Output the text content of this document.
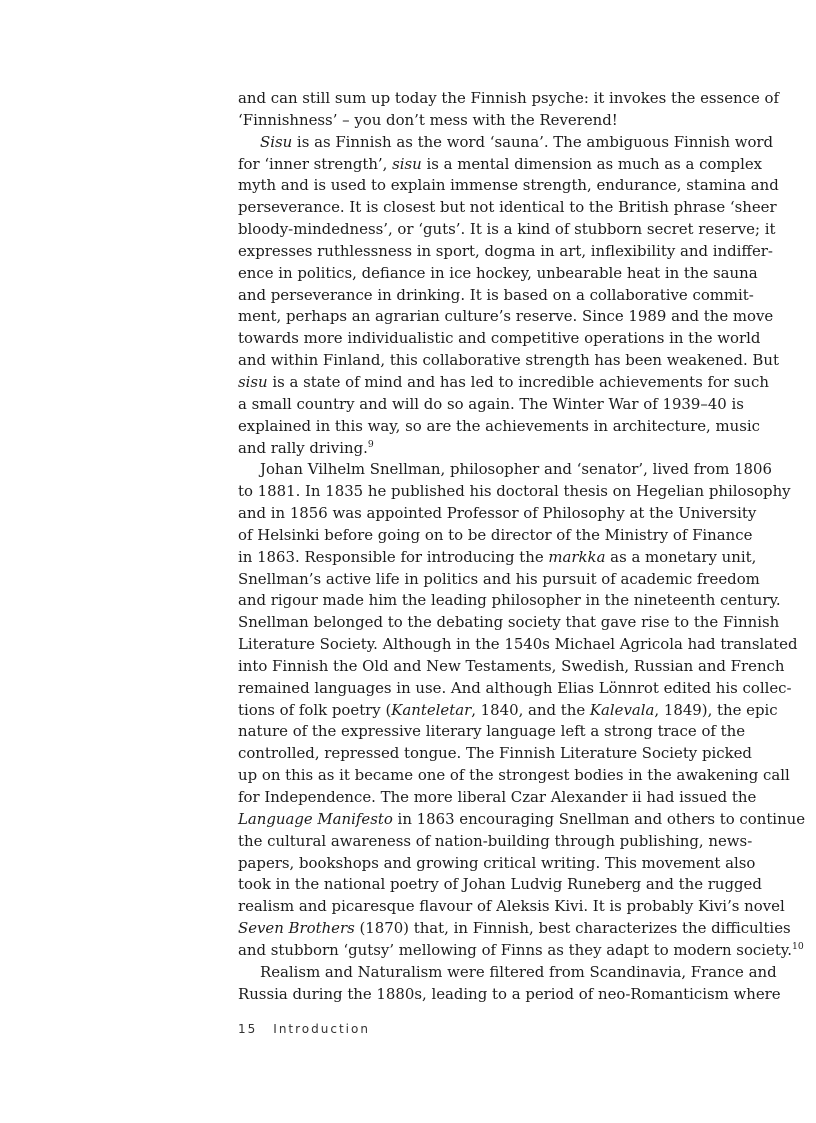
and can still sum up today the Finnish psyche: it invokes the essence of
‘Finnishness’ – you don’t mess with the Reverend!
Sisu is as Finnish as the word ‘sauna’. The ambiguous Finnish word
for ‘inner strength’, sisu is a mental dimension as much as a complex
myth and is used to explain immense strength, endurance, stamina and
perseverance. It is closest but not identical to the British phrase ‘sheer
bloody-mindedness’, or ‘guts’. It is a kind of stubborn secret reserve; it
expresses ruthlessness in sport, dogma in art, inflexibility and indiffer-
ence in politics, defiance in ice hockey, unbearable heat in the sauna
and perseverance in drinking. It is based on a collaborative commit-
ment, perhaps an agrarian culture’s reserve. Since 1989 and the move
towards more individualistic and competitive operations in the world
and within Finland, this collaborative strength has been weakened. But
sisu is a state of mind and has led to incredible achievements for such
a small country and will do so again. The Winter War of 1939–40 is
explained in this way, so are the achievements in architecture, music
and rally driving.$^9$
Johan Vilhelm Snellman, philosopher and ‘senator’, lived from 1806
to 1881. In 1835 he published his doctoral thesis on Hegelian philosophy
and in 1856 was appointed Professor of Philosophy at the University
of Helsinki before going on to be director of the Ministry of Finance
in 1863. Responsible for introducing the markka as a monetary unit,
Snellman’s active life in politics and his pursuit of academic freedom
and rigour made him the leading philosopher in the nineteenth century.
Snellman belonged to the debating society that gave rise to the Finnish
Literature Society. Although in the 1540s Michael Agricola had translated
into Finnish the Old and New Testaments, Swedish, Russian and French
remained languages in use. And although Elias Lönnrot edited his collec-
tions of folk poetry (Kanteletar, 1840, and the Kalevala, 1849), the epic
nature of the expressive literary language left a strong trace of the
controlled, repressed tongue. The Finnish Literature Society picked
up on this as it became one of the strongest bodies in the awakening call
for Independence. The more liberal Czar Alexander ii had issued the
Language Manifesto in 1863 encouraging Snellman and others to continue
the cultural awareness of nation-building through publishing, news-
papers, bookshops and growing critical writing. This movement also
took in the national poetry of Johan Ludvig Runeberg and the rugged
realism and picaresque flavour of Aleksis Kivi. It is probably Kivi’s novel
Seven Brothers (1870) that, in Finnish, best characterizes the difficulties
and stubborn ‘gutsy’ mellowing of Finns as they adapt to modern society.$^{10}$
Realism and Naturalism were filtered from Scandinavia, France and
Russia during the 1880s, leading to a period of neo-Romanticism where
15 Introduction
